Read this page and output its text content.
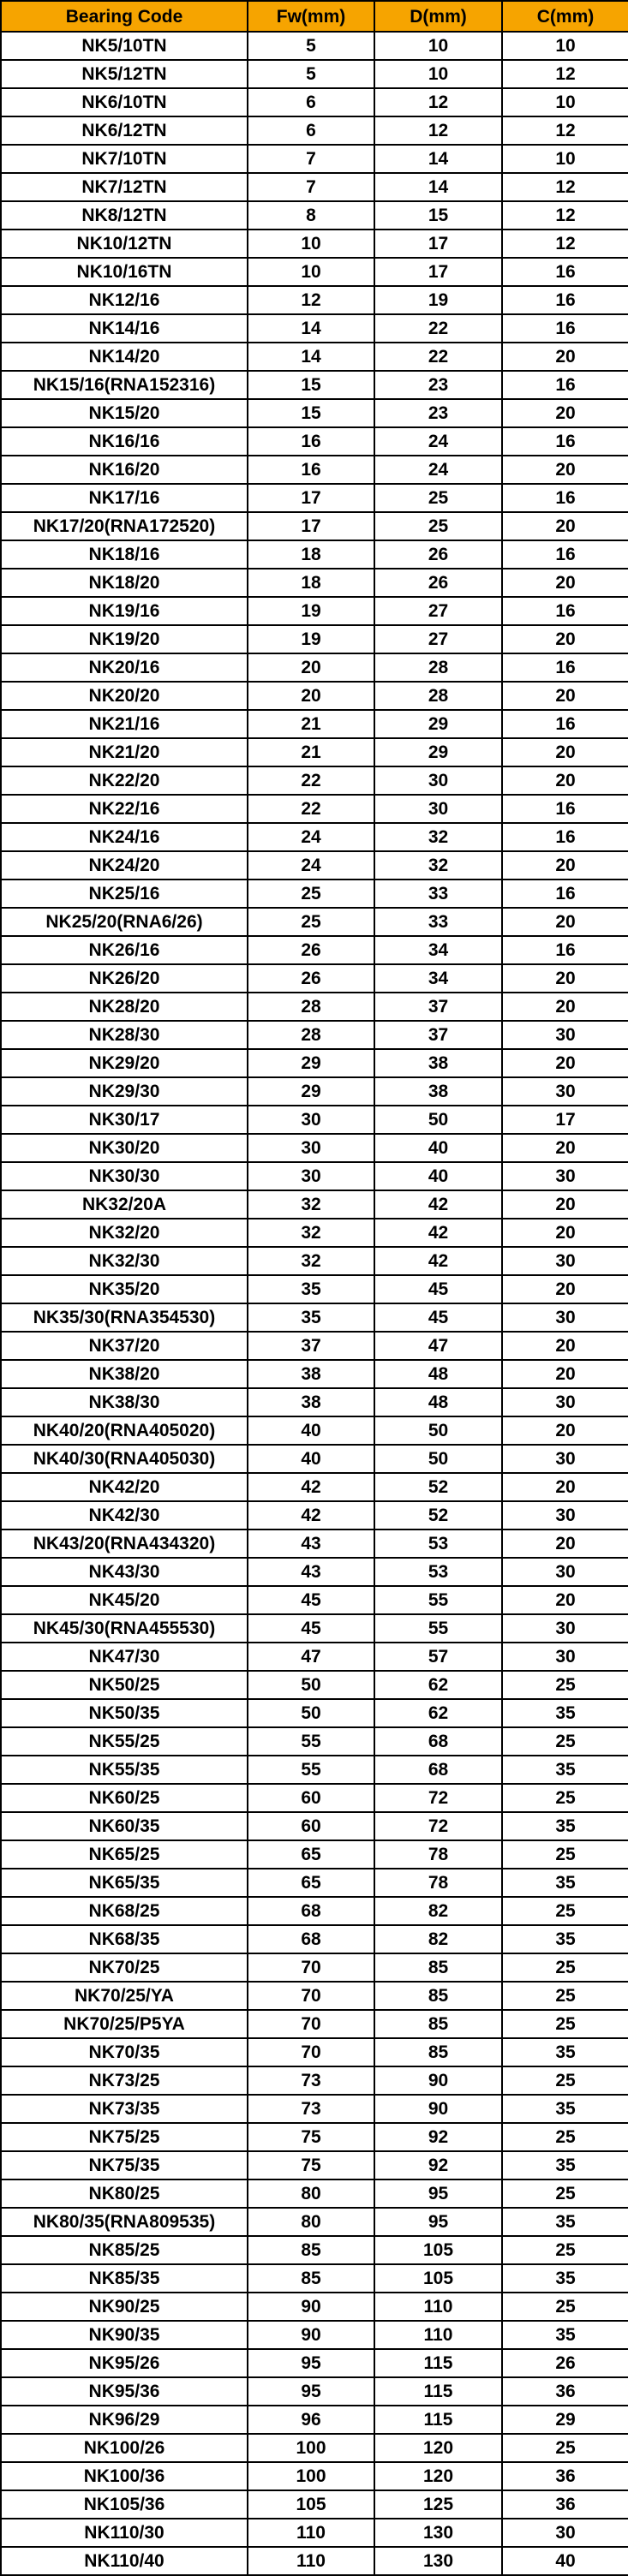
Bearing Code	Fw(mm)	D(mm)	C(mm)
NK5/10TN	5	10	10
NK5/12TN	5	10	12
NK6/10TN	6	12	10
NK6/12TN	6	12	12
NK7/10TN	7	14	10
NK7/12TN	7	14	12
NK8/12TN	8	15	12
NK10/12TN	10	17	12
NK10/16TN	10	17	16
NK12/16	12	19	16
NK14/16	14	22	16
NK14/20	14	22	20
NK15/16(RNA152316)	15	23	16
NK15/20	15	23	20
NK16/16	16	24	16
NK16/20	16	24	20
NK17/16	17	25	16
NK17/20(RNA172520)	17	25	20
NK18/16	18	26	16
NK18/20	18	26	20
NK19/16	19	27	16
NK19/20	19	27	20
NK20/16	20	28	16
NK20/20	20	28	20
NK21/16	21	29	16
NK21/20	21	29	20
NK22/20	22	30	20
NK22/16	22	30	16
NK24/16	24	32	16
NK24/20	24	32	20
NK25/16	25	33	16
NK25/20(RNA6/26)	25	33	20
NK26/16	26	34	16
NK26/20	26	34	20
NK28/20	28	37	20
NK28/30	28	37	30
NK29/20	29	38	20
NK29/30	29	38	30
NK30/17	30	50	17
NK30/20	30	40	20
NK30/30	30	40	30
NK32/20A	32	42	20
NK32/20	32	42	20
NK32/30	32	42	30
NK35/20	35	45	20
NK35/30(RNA354530)	35	45	30
NK37/20	37	47	20
NK38/20	38	48	20
NK38/30	38	48	30
NK40/20(RNA405020)	40	50	20
NK40/30(RNA405030)	40	50	30
NK42/20	42	52	20
NK42/30	42	52	30
NK43/20(RNA434320)	43	53	20
NK43/30	43	53	30
NK45/20	45	55	20
NK45/30(RNA455530)	45	55	30
NK47/30	47	57	30
NK50/25	50	62	25
NK50/35	50	62	35
NK55/25	55	68	25
NK55/35	55	68	35
NK60/25	60	72	25
NK60/35	60	72	35
NK65/25	65	78	25
NK65/35	65	78	35
NK68/25	68	82	25
NK68/35	68	82	35
NK70/25	70	85	25
NK70/25/YA	70	85	25
NK70/25/P5YA	70	85	25
NK70/35	70	85	35
NK73/25	73	90	25
NK73/35	73	90	35
NK75/25	75	92	25
NK75/35	75	92	35
NK80/25	80	95	25
NK80/35(RNA809535)	80	95	35
NK85/25	85	105	25
NK85/35	85	105	35
NK90/25	90	110	25
NK90/35	90	110	35
NK95/26	95	115	26
NK95/36	95	115	36
NK96/29	96	115	29
NK100/26	100	120	25
NK100/36	100	120	36
NK105/36	105	125	36
NK110/30	110	130	30
NK110/40	110	130	40
